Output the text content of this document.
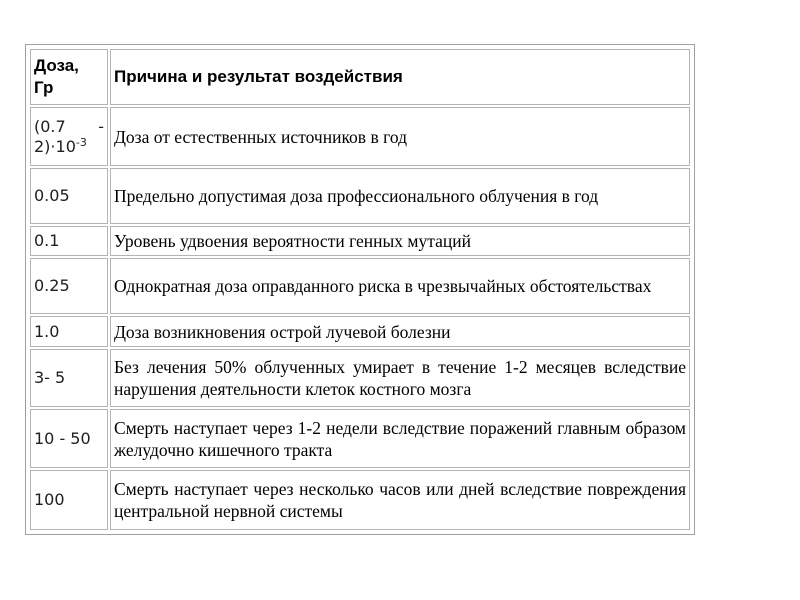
Доза,
Гр	Причина и результат воздействия

(0.7 -
$2)\cdot 10^{-3}$	Доза от естественных источников в год
0.05	Предельно допустимая доза профессионального облучения в год
0.1	Уровень удвоения вероятности генных мутаций
0.25	Однократная доза оправданного риска в чрезвычайных обстоятельствах
1.0	Доза возникновения острой лучевой болезни
3- 5	Без лечения 50% облученных умирает в течение 1-2 месяцев вследствие нарушения деятельности клеток костного мозга
10 - 50	Смерть наступает через 1-2 недели вследствие поражений главным образом желудочно кишечного тракта
100	Смерть наступает через несколько часов или дней вследствие повреждения центральной нервной системы
